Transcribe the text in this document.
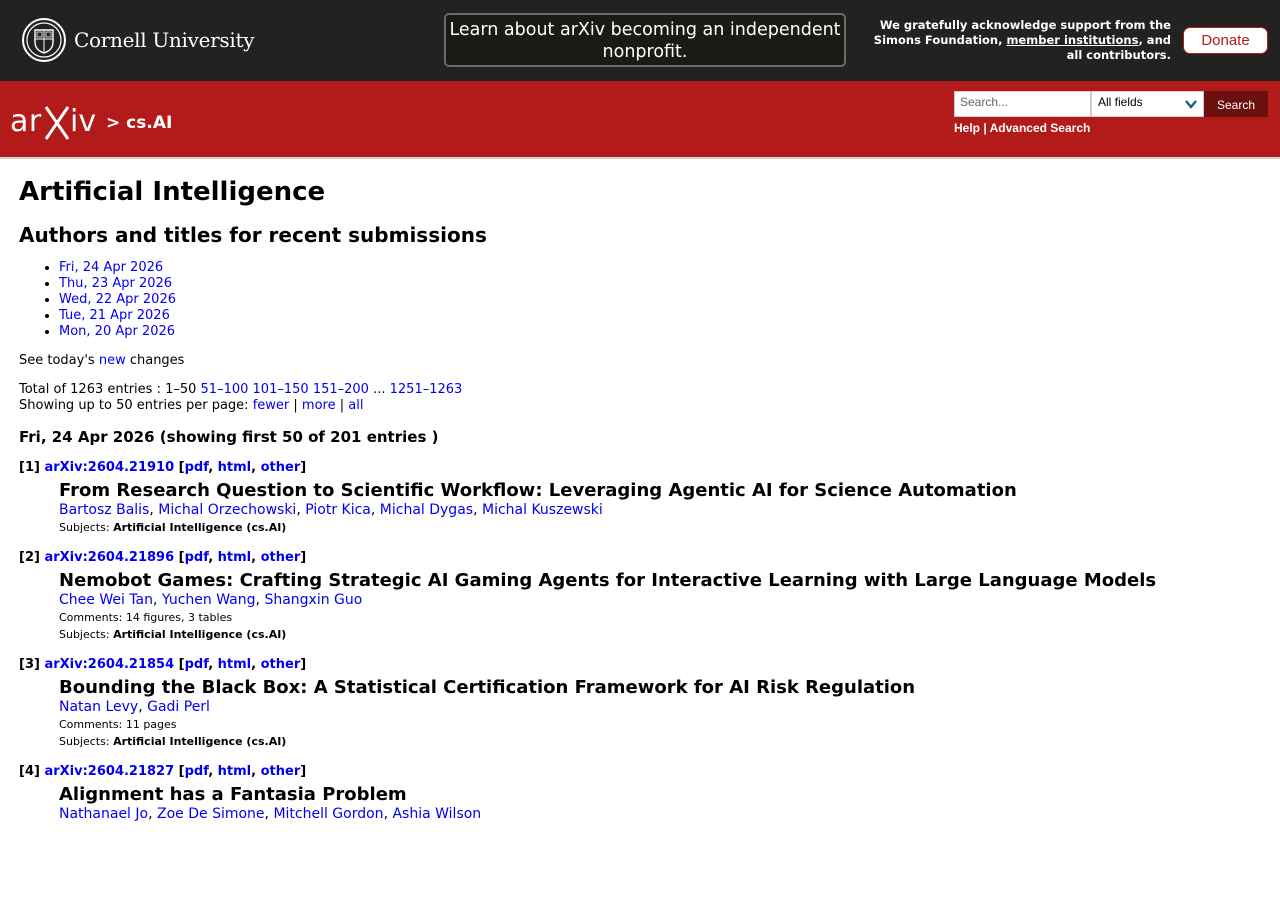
Cornell University	Learn about arXiv becoming an independent nonprofit.
We gratefully acknowledge support from the Simons Foundation, member institutions, and all contributors.
Donate
ar iv > cs.AI
Search...	All fields	Search
Help | Advanced Search
Artificial Intelligence
Authors and titles for recent submissions
• Fri, 24 Apr 2026
• Thu, 23 Apr 2026
• Wed, 22 Apr 2026
• Tue, 21 Apr 2026
• Mon, 20 Apr 2026
See today's new changes
Total of 1263 entries : 1–50 51–100 101–150 151–200 ... 1251–1263
Showing up to 50 entries per page: fewer | more | all
Fri, 24 Apr 2026 (showing first 50 of 201 entries )
[1] arXiv:2604.21910 [pdf, html, other]
From Research Question to Scientific Workflow: Leveraging Agentic AI for Science Automation
Bartosz Balis, Michal Orzechowski, Piotr Kica, Michal Dygas, Michal Kuszewski
Subjects: Artificial Intelligence (cs.AI)
[2] arXiv:2604.21896 [pdf, html, other]
Nemobot Games: Crafting Strategic AI Gaming Agents for Interactive Learning with Large Language Models
Chee Wei Tan, Yuchen Wang, Shangxin Guo
Comments: 14 figures, 3 tables
Subjects: Artificial Intelligence (cs.AI)
[3] arXiv:2604.21854 [pdf, html, other]
Bounding the Black Box: A Statistical Certification Framework for AI Risk Regulation
Natan Levy, Gadi Perl
Comments: 11 pages
Subjects: Artificial Intelligence (cs.AI)
[4] arXiv:2604.21827 [pdf, html, other]
Alignment has a Fantasia Problem
Nathanael Jo, Zoe De Simone, Mitchell Gordon, Ashia Wilson
